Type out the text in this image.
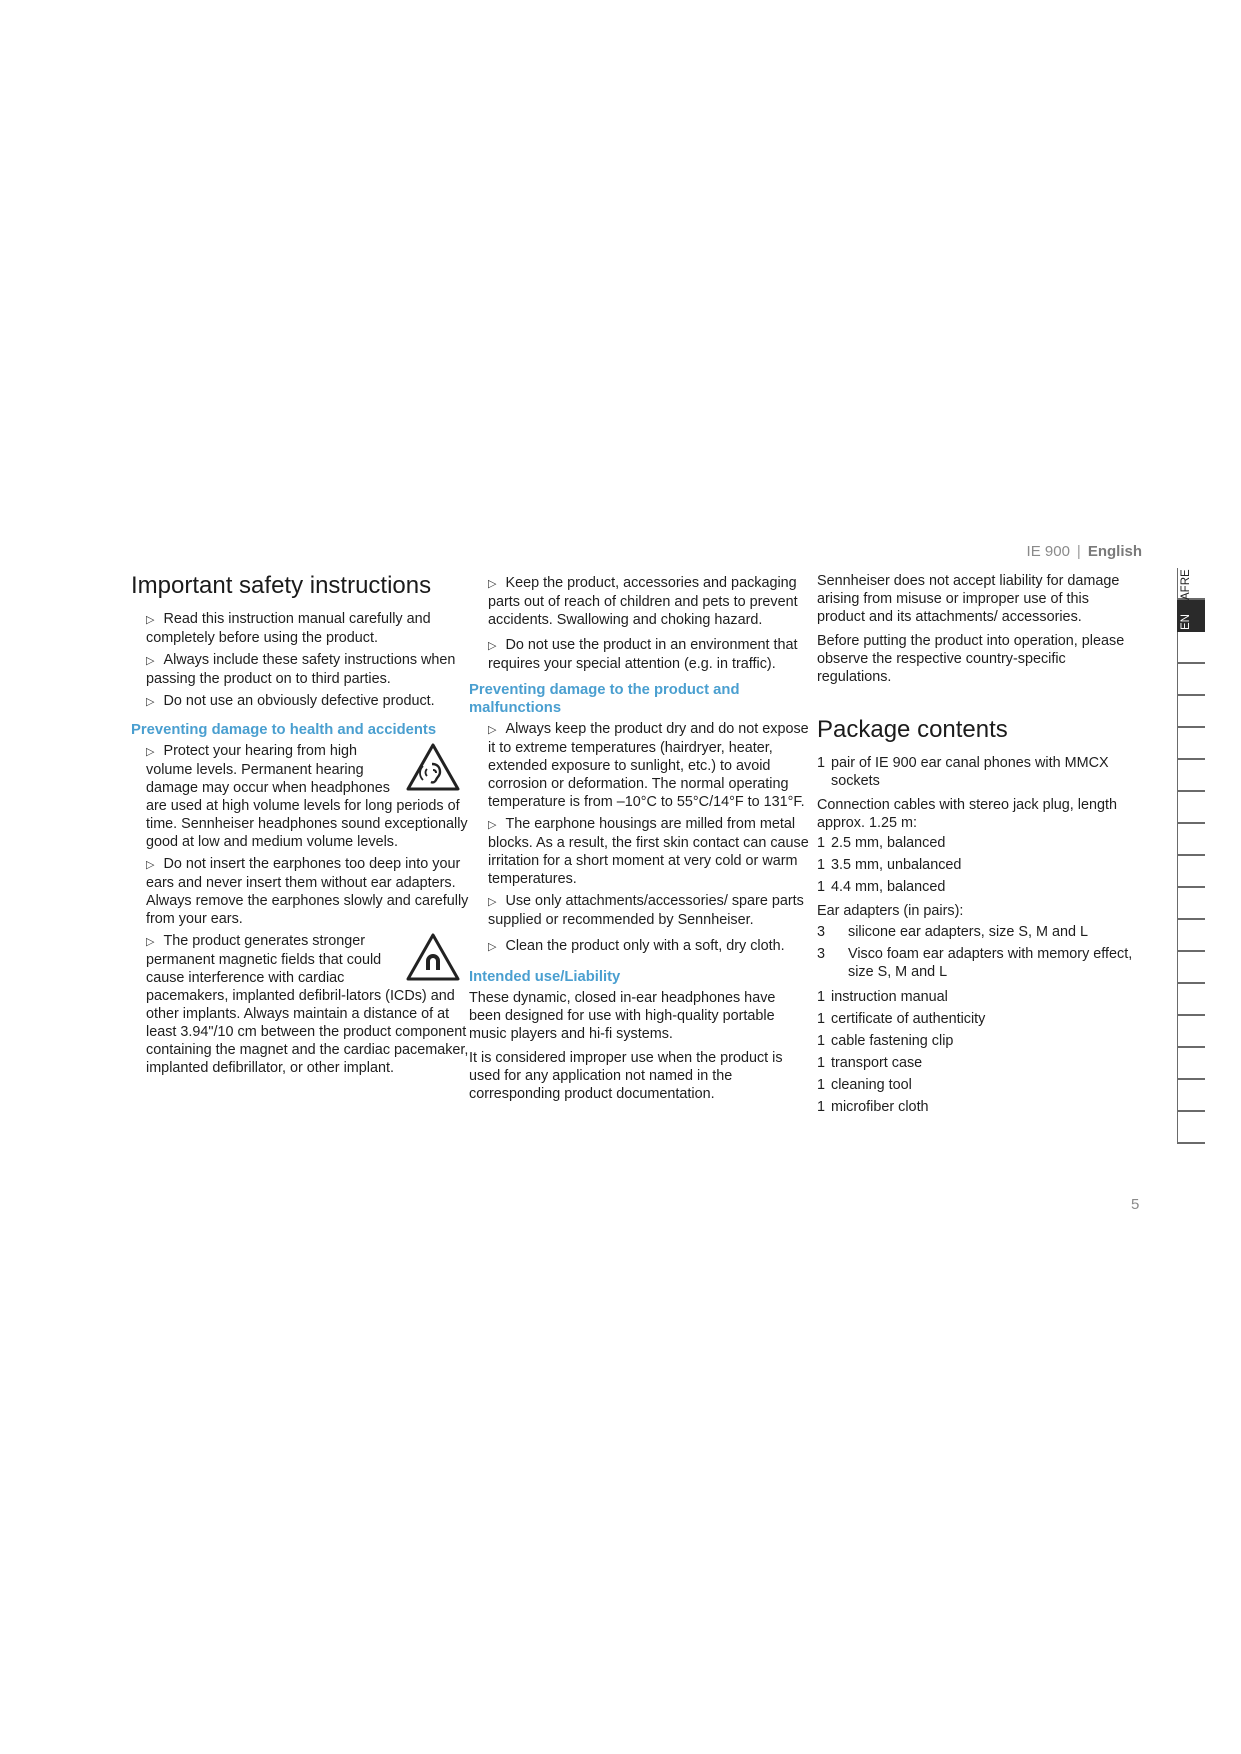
IE 900 | English
Important safety instructions
▷ Read this instruction manual carefully and completely before using the product.
▷ Always include these safety instructions when passing the product on to third parties.
▷ Do not use an obviously defective product.
Preventing damage to health and accidents
▷ Protect your hearing from high volume levels. Permanent hearing damage may occur when headphones are used at high volume levels for long periods of time. Sennheiser headphones sound exceptionally good at low and medium volume levels.
▷ Do not insert the earphones too deep into your ears and never insert them without ear adapters. Always remove the earphones slowly and carefully from your ears.
▷ The product generates stronger permanent magnetic fields that could cause interference with cardiac pacemakers, implanted defibril-lators (ICDs) and other implants. Always maintain a distance of at least 3.94"/10 cm between the product component containing the magnet and the cardiac pacemaker, implanted defibrillator, or other implant.
▷ Keep the product, accessories and packaging parts out of reach of children and pets to prevent accidents. Swallowing and choking hazard.
▷ Do not use the product in an environment that requires your special attention (e.g. in traffic).
Preventing damage to the product and malfunctions
▷ Always keep the product dry and do not expose it to extreme temperatures (hairdryer, heater, extended exposure to sunlight, etc.) to avoid corrosion or deformation. The normal operating temperature is from –10°C to 55°C/14°F to 131°F.
▷ The earphone housings are milled from metal blocks. As a result, the first skin contact can cause irritation for a short moment at very cold or warm temperatures.
▷ Use only attachments/accessories/ spare parts supplied or recommended by Sennheiser.
▷ Clean the product only with a soft, dry cloth.
Intended use/Liability
These dynamic, closed in-ear headphones have been designed for use with high-quality portable music players and hi-fi systems.
It is considered improper use when the product is used for any application not named in the corresponding product documentation.
Sennheiser does not accept liability for damage arising from misuse or improper use of this product and its attachments/ accessories.
Before putting the product into operation, please observe the respective country-specific regulations.
Package contents
1 pair of IE 900 ear canal phones with MMCX sockets
Connection cables with stereo jack plug, length approx. 1.25 m:
1 2.5 mm, balanced
1 3.5 mm, unbalanced
1 4.4 mm, balanced
Ear adapters (in pairs):
3	silicone ear adapters, size S, M and L
3	Visco foam ear adapters with memory effect, size S, M and L
1 instruction manual
1 certificate of authenticity
1 cable fastening clip
1 transport case
1 cleaning tool
1 microfiber cloth
AFRE
EN
5
